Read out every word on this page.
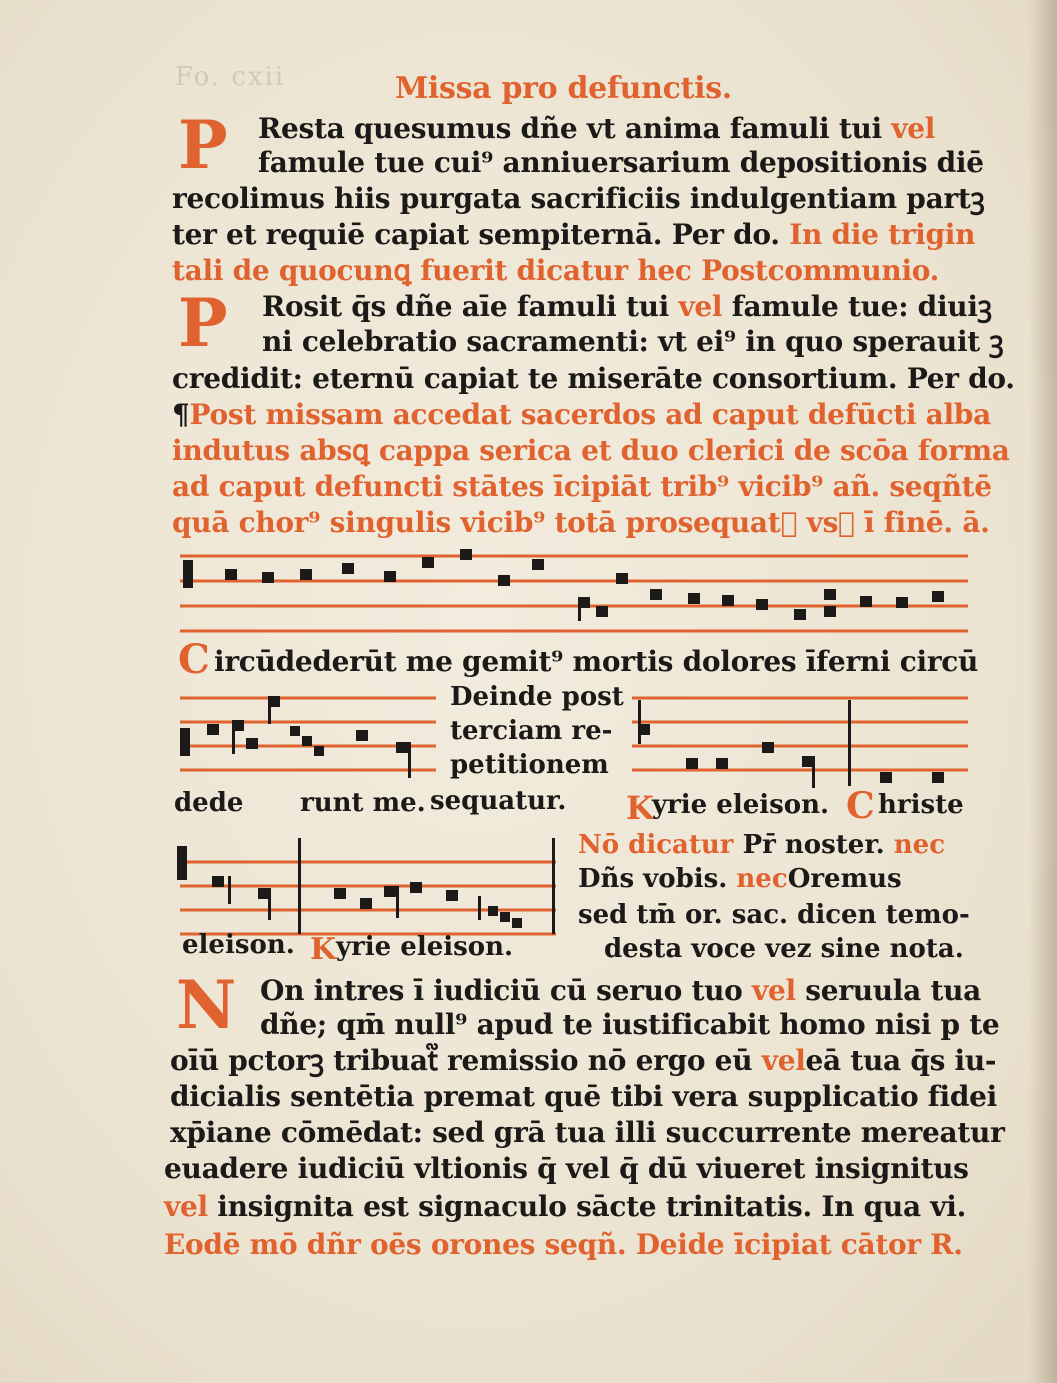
Fo. cxii	Missa pro defunctis.
P Resta quesumus dñe vt anima famuli tui vel
famule tue cui⁹ anniuersarium depositionis diē
recolimus hiis purgata sacrificiis indulgentiam partꝫ
ter et requiē capiat sempiternā. Per do. In die trigin
tali de quocunꝗ fuerit dicatur hec Postcommunio.
P Rosit q̄s dñe aīe famuli tui vel famule tue: diuiꝫ
ni celebratio sacramenti: vt ei⁹ in quo sperauit ꝫ
credidit: eternū capiat te miserāte consortium. Per do.
¶Post missam accedat sacerdos ad caput defūcti alba
indutus absꝗ cappa serica et duo clerici de scōa forma
ad caput defuncti stātes īcipiāt trib⁹ vicib⁹ añ. seqñtē
quā chor⁹ singulis vicib⁹ totā prosequat᷑ vsꝗ ī finē. ā.
C ircūdederūt me gemit⁹ mortis dolores īferni circū
Deinde post
terciam re-
petitionem
sequatur.
dede runt me.	K
yrie eleison. C hriste
Nō dicatur Pr̄ noster. nec
Dñs vobis. necOremus
sed tm̄ or. sac. dicen temo-
desta voce vez sine nota.
eleison. K yrie eleison.
N On intres ī iudiciū cū seruo tuo vel seruula tua
dñe; qm̄ null⁹ apud te iustificabit homo nisi p te
oīū pctorꝫ tribuat᷑ remissio nō ergo eū veleā tua q̄s iu-
dicialis sentētia premat quē tibi vera supplicatio fidei
xp̄iane cōmēdat: sed grā tua illi succurrente mereatur
euadere iudiciū vltionis q̄ vel q̄ dū viueret insignitus
vel insignita est signaculo sācte trinitatis. In qua vi.
Eodē mō dñr oēs orones seqñ. Deide īcipiat cātor R.
